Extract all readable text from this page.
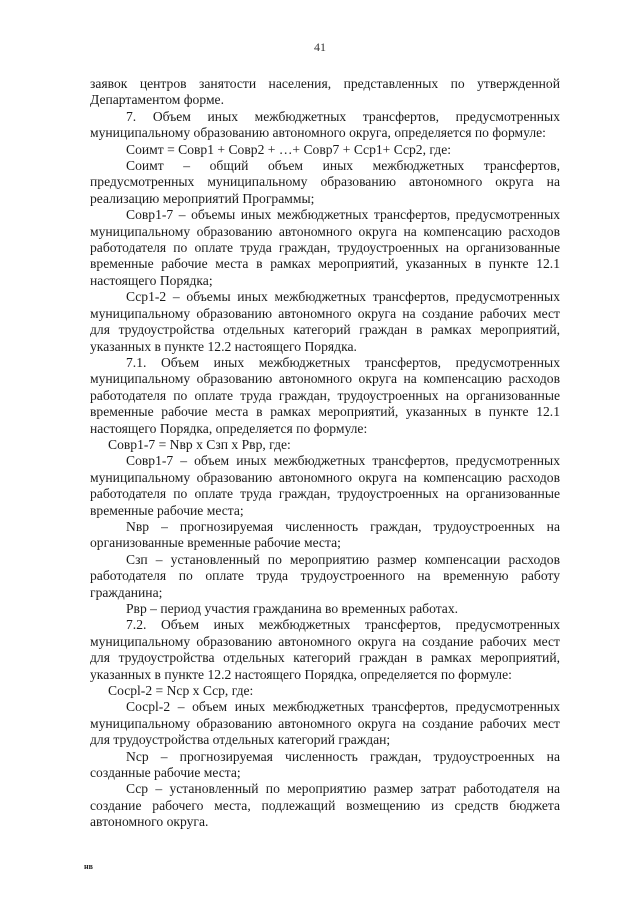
41

заявок центров занятости населения, представленных по утвержденной Департаментом форме.

7. Объем иных межбюджетных трансфертов, предусмотренных муниципальному образованию автономного округа, определяется по формуле:

Соимт = Совр1 + Совр2 + …+ Совр7 + Сср1+ Сср2, где:

Соимт – общий объем иных межбюджетных трансфертов, предусмотренных муниципальному образованию автономного округа на реализацию мероприятий Программы;

Совр1-7 – объемы иных межбюджетных трансфертов, предусмотренных муниципальному образованию автономного округа на компенсацию расходов работодателя по оплате труда граждан, трудоустроенных на организованные временные рабочие места в рамках мероприятий, указанных в пункте 12.1 настоящего Порядка;

Сср1-2 – объемы иных межбюджетных трансфертов, предусмотренных муниципальному образованию автономного округа на создание рабочих мест для трудоустройства отдельных категорий граждан в рамках мероприятий, указанных в пункте 12.2 настоящего Порядка.

7.1. Объем иных межбюджетных трансфертов, предусмотренных муниципальному образованию автономного округа на компенсацию расходов работодателя по оплате труда граждан, трудоустроенных на организованные временные рабочие места в рамках мероприятий, указанных в пункте 12.1 настоящего Порядка, определяется по формуле:

Совр1-7 = Nвр х Сзп х Рвр, где:

Совр1-7 – объем иных межбюджетных трансфертов, предусмотренных муниципальному образованию автономного округа на компенсацию расходов работодателя по оплате труда граждан, трудоустроенных на организованные временные рабочие места;

Nвр – прогнозируемая численность граждан, трудоустроенных на организованные временные рабочие места;

Сзп – установленный по мероприятию размер компенсации расходов работодателя по оплате труда трудоустроенного на временную работу гражданина;

Рвр – период участия гражданина во временных работах.

7.2. Объем иных межбюджетных трансфертов, предусмотренных муниципальному образованию автономного округа на создание рабочих мест для трудоустройства отдельных категорий граждан в рамках мероприятий, указанных в пункте 12.2 настоящего Порядка, определяется по формуле:

Сосрl-2 = Nср х Сср, где:

Сосрl-2 – объем иных межбюджетных трансфертов, предусмотренных муниципальному образованию автономного округа на создание рабочих мест для трудоустройства отдельных категорий граждан;

Nср – прогнозируемая численность граждан, трудоустроенных на созданные рабочие места;

Сср – установленный по мероприятию размер затрат работодателя на создание рабочего места, подлежащий возмещению из средств бюджета автономного округа.

нв
